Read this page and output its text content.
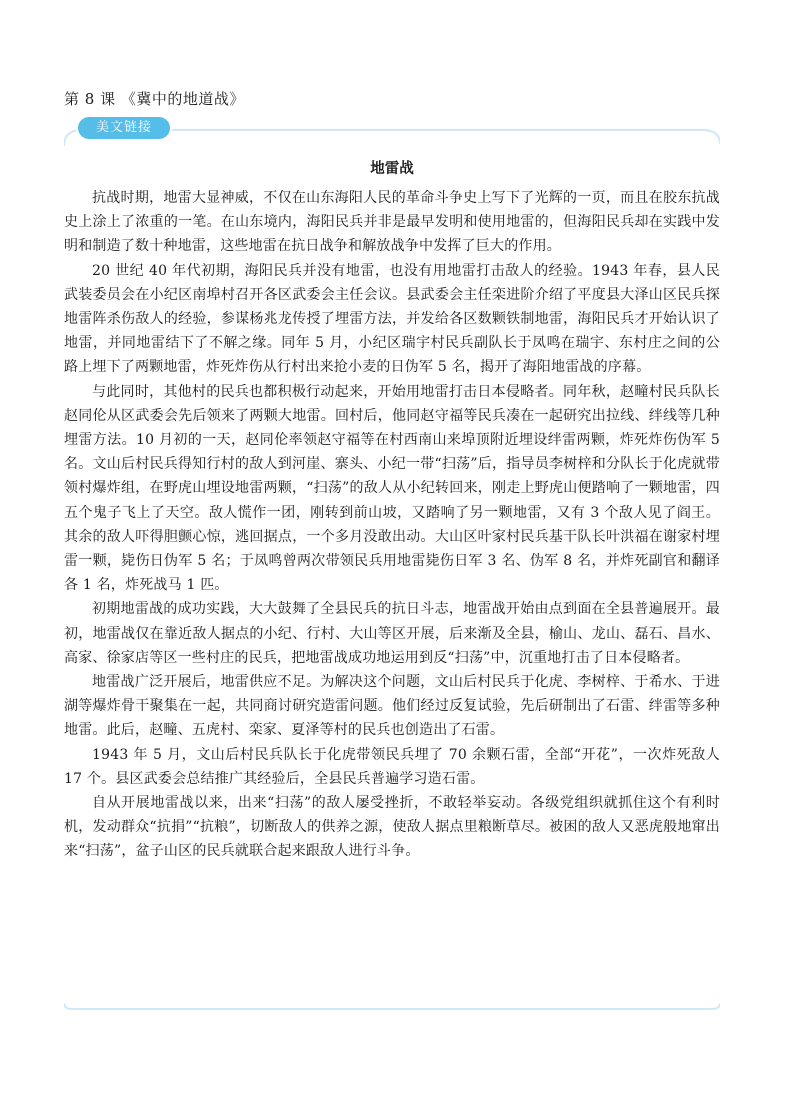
第 8 课 《冀中的地道战》
美文链接
地雷战

抗战时期，地雷大显神威，不仅在山东海阳人民的革命斗争史上写下了光辉的一页，而且在胶东抗战史上涂上了浓重的一笔。在山东境内，海阳民兵并非是最早发明和使用地雷的，但海阳民兵却在实践中发明和制造了数十种地雷，这些地雷在抗日战争和解放战争中发挥了巨大的作用。

20 世纪 40 年代初期，海阳民兵并没有地雷，也没有用地雷打击敌人的经验。1943 年春，县人民武装委员会在小纪区南埠村召开各区武委会主任会议。县武委会主任栾进阶介绍了平度县大泽山区民兵探地雷阵杀伤敌人的经验，参谋杨兆龙传授了埋雷方法，并发给各区数颗铁制地雷，海阳民兵才开始认识了地雷，并同地雷结下了不解之缘。同年 5 月，小纪区瑞宇村民兵副队长于凤鸣在瑞宇、东村庄之间的公路上埋下了两颗地雷，炸死炸伤从行村出来抢小麦的日伪军 5 名，揭开了海阳地雷战的序幕。

与此同时，其他村的民兵也都积极行动起来，开始用地雷打击日本侵略者。同年秋，赵疃村民兵队长赵同伦从区武委会先后领来了两颗大地雷。回村后，他同赵守福等民兵凑在一起研究出拉线、绊线等几种埋雷方法。10 月初的一天，赵同伦率领赵守福等在村西南山来埠顶附近埋设绊雷两颗，炸死炸伤伪军 5 名。文山后村民兵得知行村的敌人到河崖、寨头、小纪一带“扫荡”后，指导员李树梓和分队长于化虎就带领村爆炸组，在野虎山埋设地雷两颗，“扫荡”的敌人从小纪转回来，刚走上野虎山便踏响了一颗地雷，四五个鬼子飞上了天空。敌人慌作一团，刚转到前山坡，又踏响了另一颗地雷，又有 3 个敌人见了阎王。其余的敌人吓得胆颤心惊，逃回据点，一个多月没敢出动。大山区叶家村民兵基干队长叶洪福在谢家村埋雷一颗，毙伤日伪军 5 名；于凤鸣曾两次带领民兵用地雷毙伤日军 3 名、伪军 8 名，并炸死副官和翻译各 1 名，炸死战马 1 匹。

初期地雷战的成功实践，大大鼓舞了全县民兵的抗日斗志，地雷战开始由点到面在全县普遍展开。最初，地雷战仅在靠近敌人据点的小纪、行村、大山等区开展，后来渐及全县，榆山、龙山、磊石、昌水、高家、徐家店等区一些村庄的民兵，把地雷战成功地运用到反“扫荡”中，沉重地打击了日本侵略者。

地雷战广泛开展后，地雷供应不足。为解决这个问题，文山后村民兵于化虎、李树梓、于希水、于进湖等爆炸骨干聚集在一起，共同商讨研究造雷问题。他们经过反复试验，先后研制出了石雷、绊雷等多种地雷。此后，赵疃、五虎村、栾家、夏泽等村的民兵也创造出了石雷。

1943 年 5 月，文山后村民兵队长于化虎带领民兵埋了 70 余颗石雷，全部“开花”，一次炸死敌人 17 个。县区武委会总结推广其经验后，全县民兵普遍学习造石雷。

自从开展地雷战以来，出来“扫荡”的敌人屡受挫折，不敢轻举妄动。各级党组织就抓住这个有利时机，发动群众“抗捐”“抗粮”，切断敌人的供养之源，使敌人据点里粮断草尽。被困的敌人又恶虎般地窜出来“扫荡”，盆子山区的民兵就联合起来跟敌人进行斗争。
